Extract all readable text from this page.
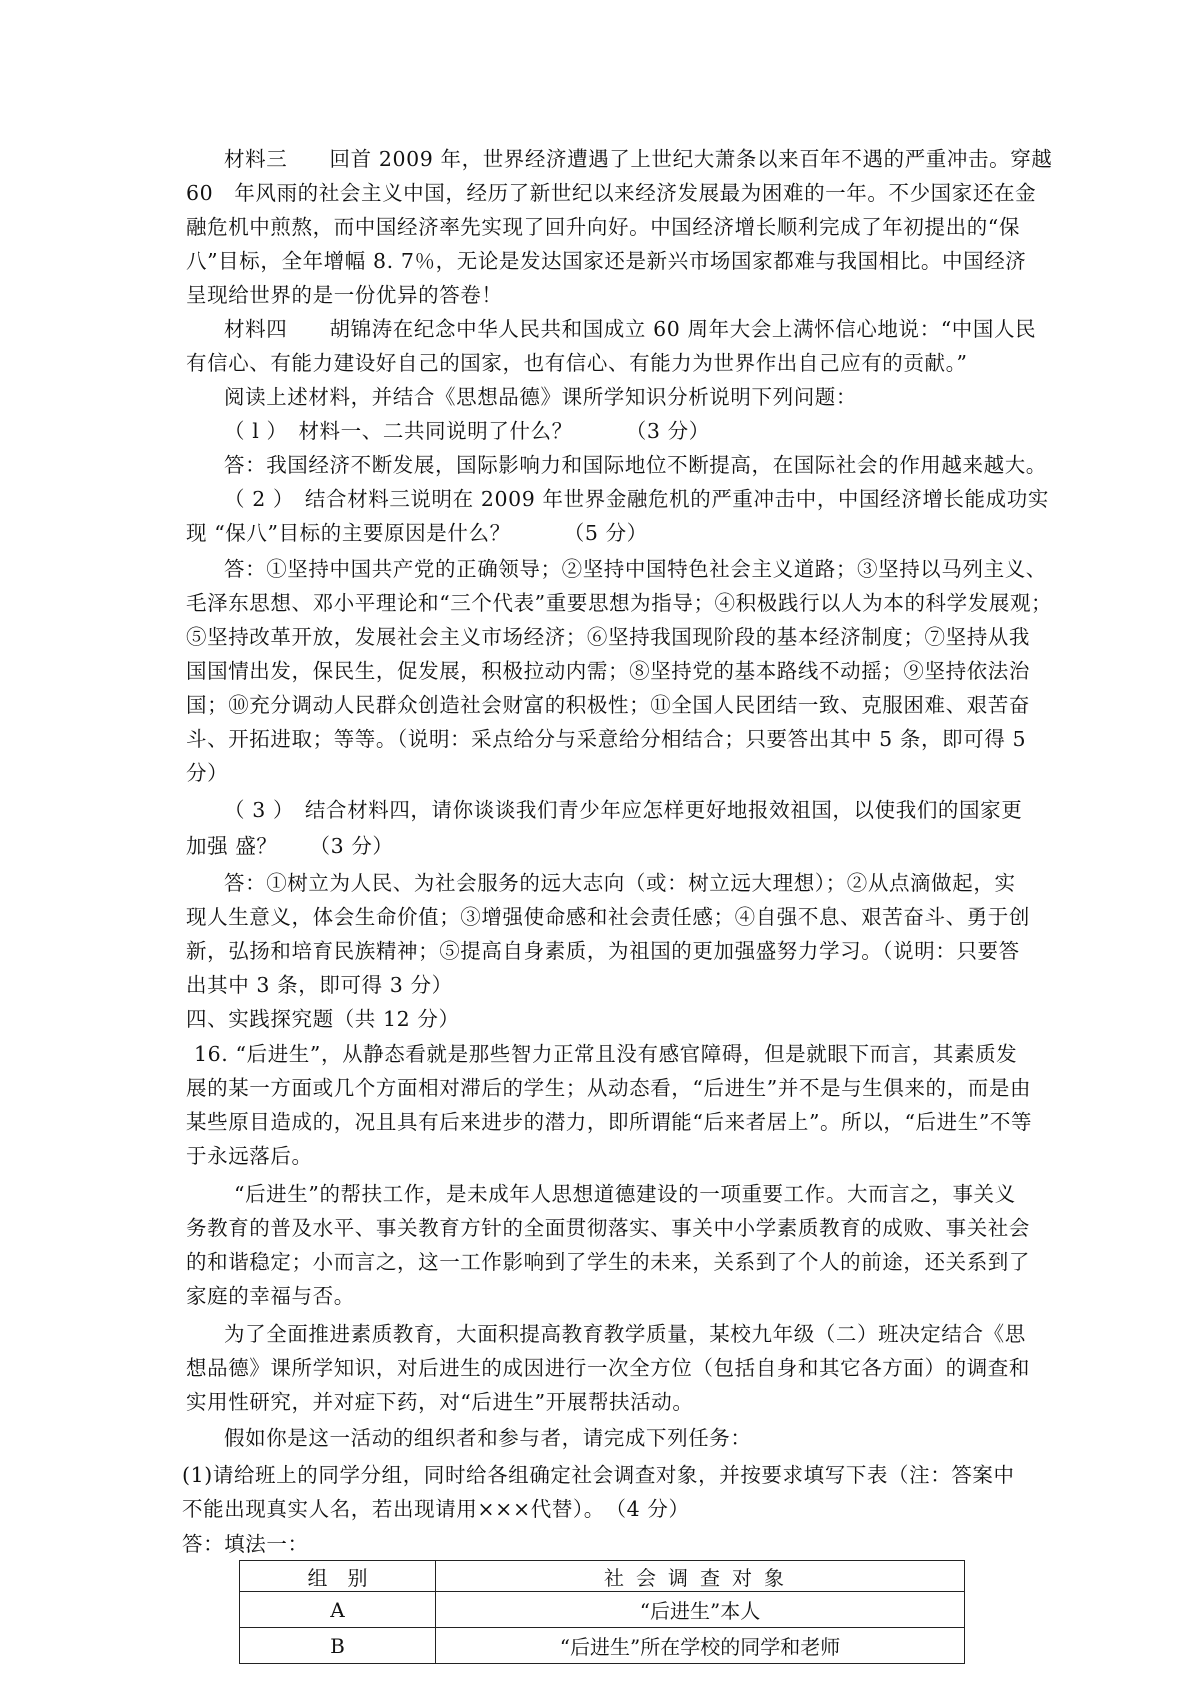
材料三　　回首 2009 年，世界经济遭遇了上世纪大萧条以来百年不遇的严重冲击。穿越
60　年风雨的社会主义中国，经历了新世纪以来经济发展最为困难的一年。不少国家还在金
融危机中煎熬，而中国经济率先实现了回升向好。中国经济增长顺利完成了年初提出的“保
八”目标，全年增幅 8. 7％，无论是发达国家还是新兴市场国家都难与我国相比。中国经济
呈现给世界的是一份优异的答卷！
材料四　　胡锦涛在纪念中华人民共和国成立 60 周年大会上满怀信心地说：“中国人民
有信心、有能力建设好自己的国家，也有信心、有能力为世界作出自己应有的贡献。”
阅读上述材料，并结合《思想品德》课所学知识分析说明下列问题：
（ l ）　材料一、二共同说明了什么？　　　（3 分）
答：我国经济不断发展，国际影响力和国际地位不断提高，在国际社会的作用越来越大。
（ 2 ）　结合材料三说明在 2009 年世界金融危机的严重冲击中，中国经济增长能成功实
现 “保八”目标的主要原因是什么？　　　（5 分）
答：①坚持中国共产党的正确领导；②坚持中国特色社会主义道路；③坚持以马列主义、
毛泽东思想、邓小平理论和“三个代表”重要思想为指导；④积极践行以人为本的科学发展观；
⑤坚持改革开放，发展社会主义市场经济；⑥坚持我国现阶段的基本经济制度；⑦坚持从我
国国情出发，保民生，促发展，积极拉动内需；⑧坚持党的基本路线不动摇；⑨坚持依法治
国；⑩充分调动人民群众创造社会财富的积极性；⑪全国人民团结一致、克服困难、艰苦奋
斗、开拓进取；等等。（说明：采点给分与采意给分相结合；只要答出其中 5 条，即可得 5
分）
（ 3 ）　结合材料四，请你谈谈我们青少年应怎样更好地报效祖国，以使我们的国家更
加强 盛？　　（3 分）
答：①树立为人民、为社会服务的远大志向（或：树立远大理想）；②从点滴做起，实
现人生意义，体会生命价值；③增强使命感和社会责任感；④自强不息、艰苦奋斗、勇于创
新，弘扬和培育民族精神；⑤提高自身素质，为祖国的更加强盛努力学习。（说明：只要答
出其中 3 条，即可得 3 分）
四、实践探究题（共 12 分）
16. “后进生”，从静态看就是那些智力正常且没有感官障碍，但是就眼下而言，其素质发
展的某一方面或几个方面相对滞后的学生；从动态看，“后进生”并不是与生俱来的，而是由
某些原目造成的，况且具有后来进步的潜力，即所谓能“后来者居上”。所以，“后进生”不等
于永远落后。
“后进生”的帮扶工作，是未成年人思想道德建设的一项重要工作。大而言之，事关义
务教育的普及水平、事关教育方针的全面贯彻落实、事关中小学素质教育的成败、事关社会
的和谐稳定；小而言之，这一工作影响到了学生的未来，关系到了个人的前途，还关系到了
家庭的幸福与否。
为了全面推进素质教育，大面积提高教育教学质量，某校九年级（二）班决定结合《思
想品德》课所学知识，对后进生的成因进行一次全方位（包括自身和其它各方面）的调查和
实用性研究，并对症下药，对“后进生”开展帮扶活动。
假如你是这一活动的组织者和参与者，请完成下列任务：
(1)请给班上的同学分组，同时给各组确定社会调查对象，并按要求填写下表（注：答案中
不能出现真实人名，若出现请用×××代替）。　（4 分）
答：填法一：
组　别	社会调查对象
A	“后进生”本人
B	“后进生”所在学校的同学和老师
